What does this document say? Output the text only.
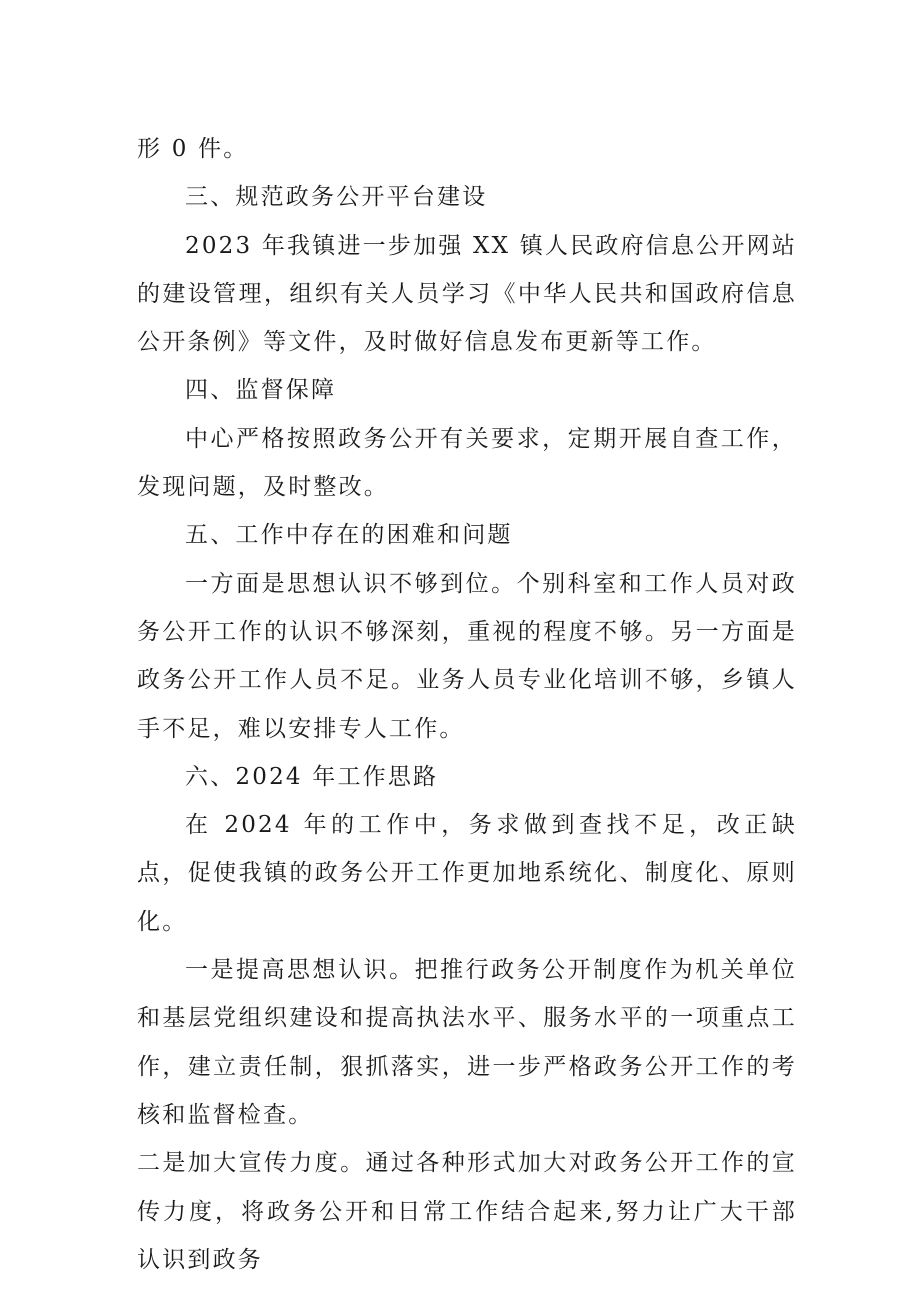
形 0 件。

三、规范政务公开平台建设

2023 年我镇进一步加强 XX 镇人民政府信息公开网站的建设管理，组织有关人员学习《中华人民共和国政府信息公开条例》等文件，及时做好信息发布更新等工作。

四、监督保障

中心严格按照政务公开有关要求，定期开展自查工作，发现问题，及时整改。

五、工作中存在的困难和问题

一方面是思想认识不够到位。个别科室和工作人员对政务公开工作的认识不够深刻，重视的程度不够。另一方面是政务公开工作人员不足。业务人员专业化培训不够，乡镇人手不足，难以安排专人工作。

六、2024 年工作思路

在 2024 年的工作中，务求做到查找不足，改正缺点，促使我镇的政务公开工作更加地系统化、制度化、原则化。

一是提高思想认识。把推行政务公开制度作为机关单位和基层党组织建设和提高执法水平、服务水平的一项重点工作，建立责任制，狠抓落实，进一步严格政务公开工作的考核和监督检查。

二是加大宣传力度。通过各种形式加大对政务公开工作的宣传力度，将政务公开和日常工作结合起来,努力让广大干部认识到政务
